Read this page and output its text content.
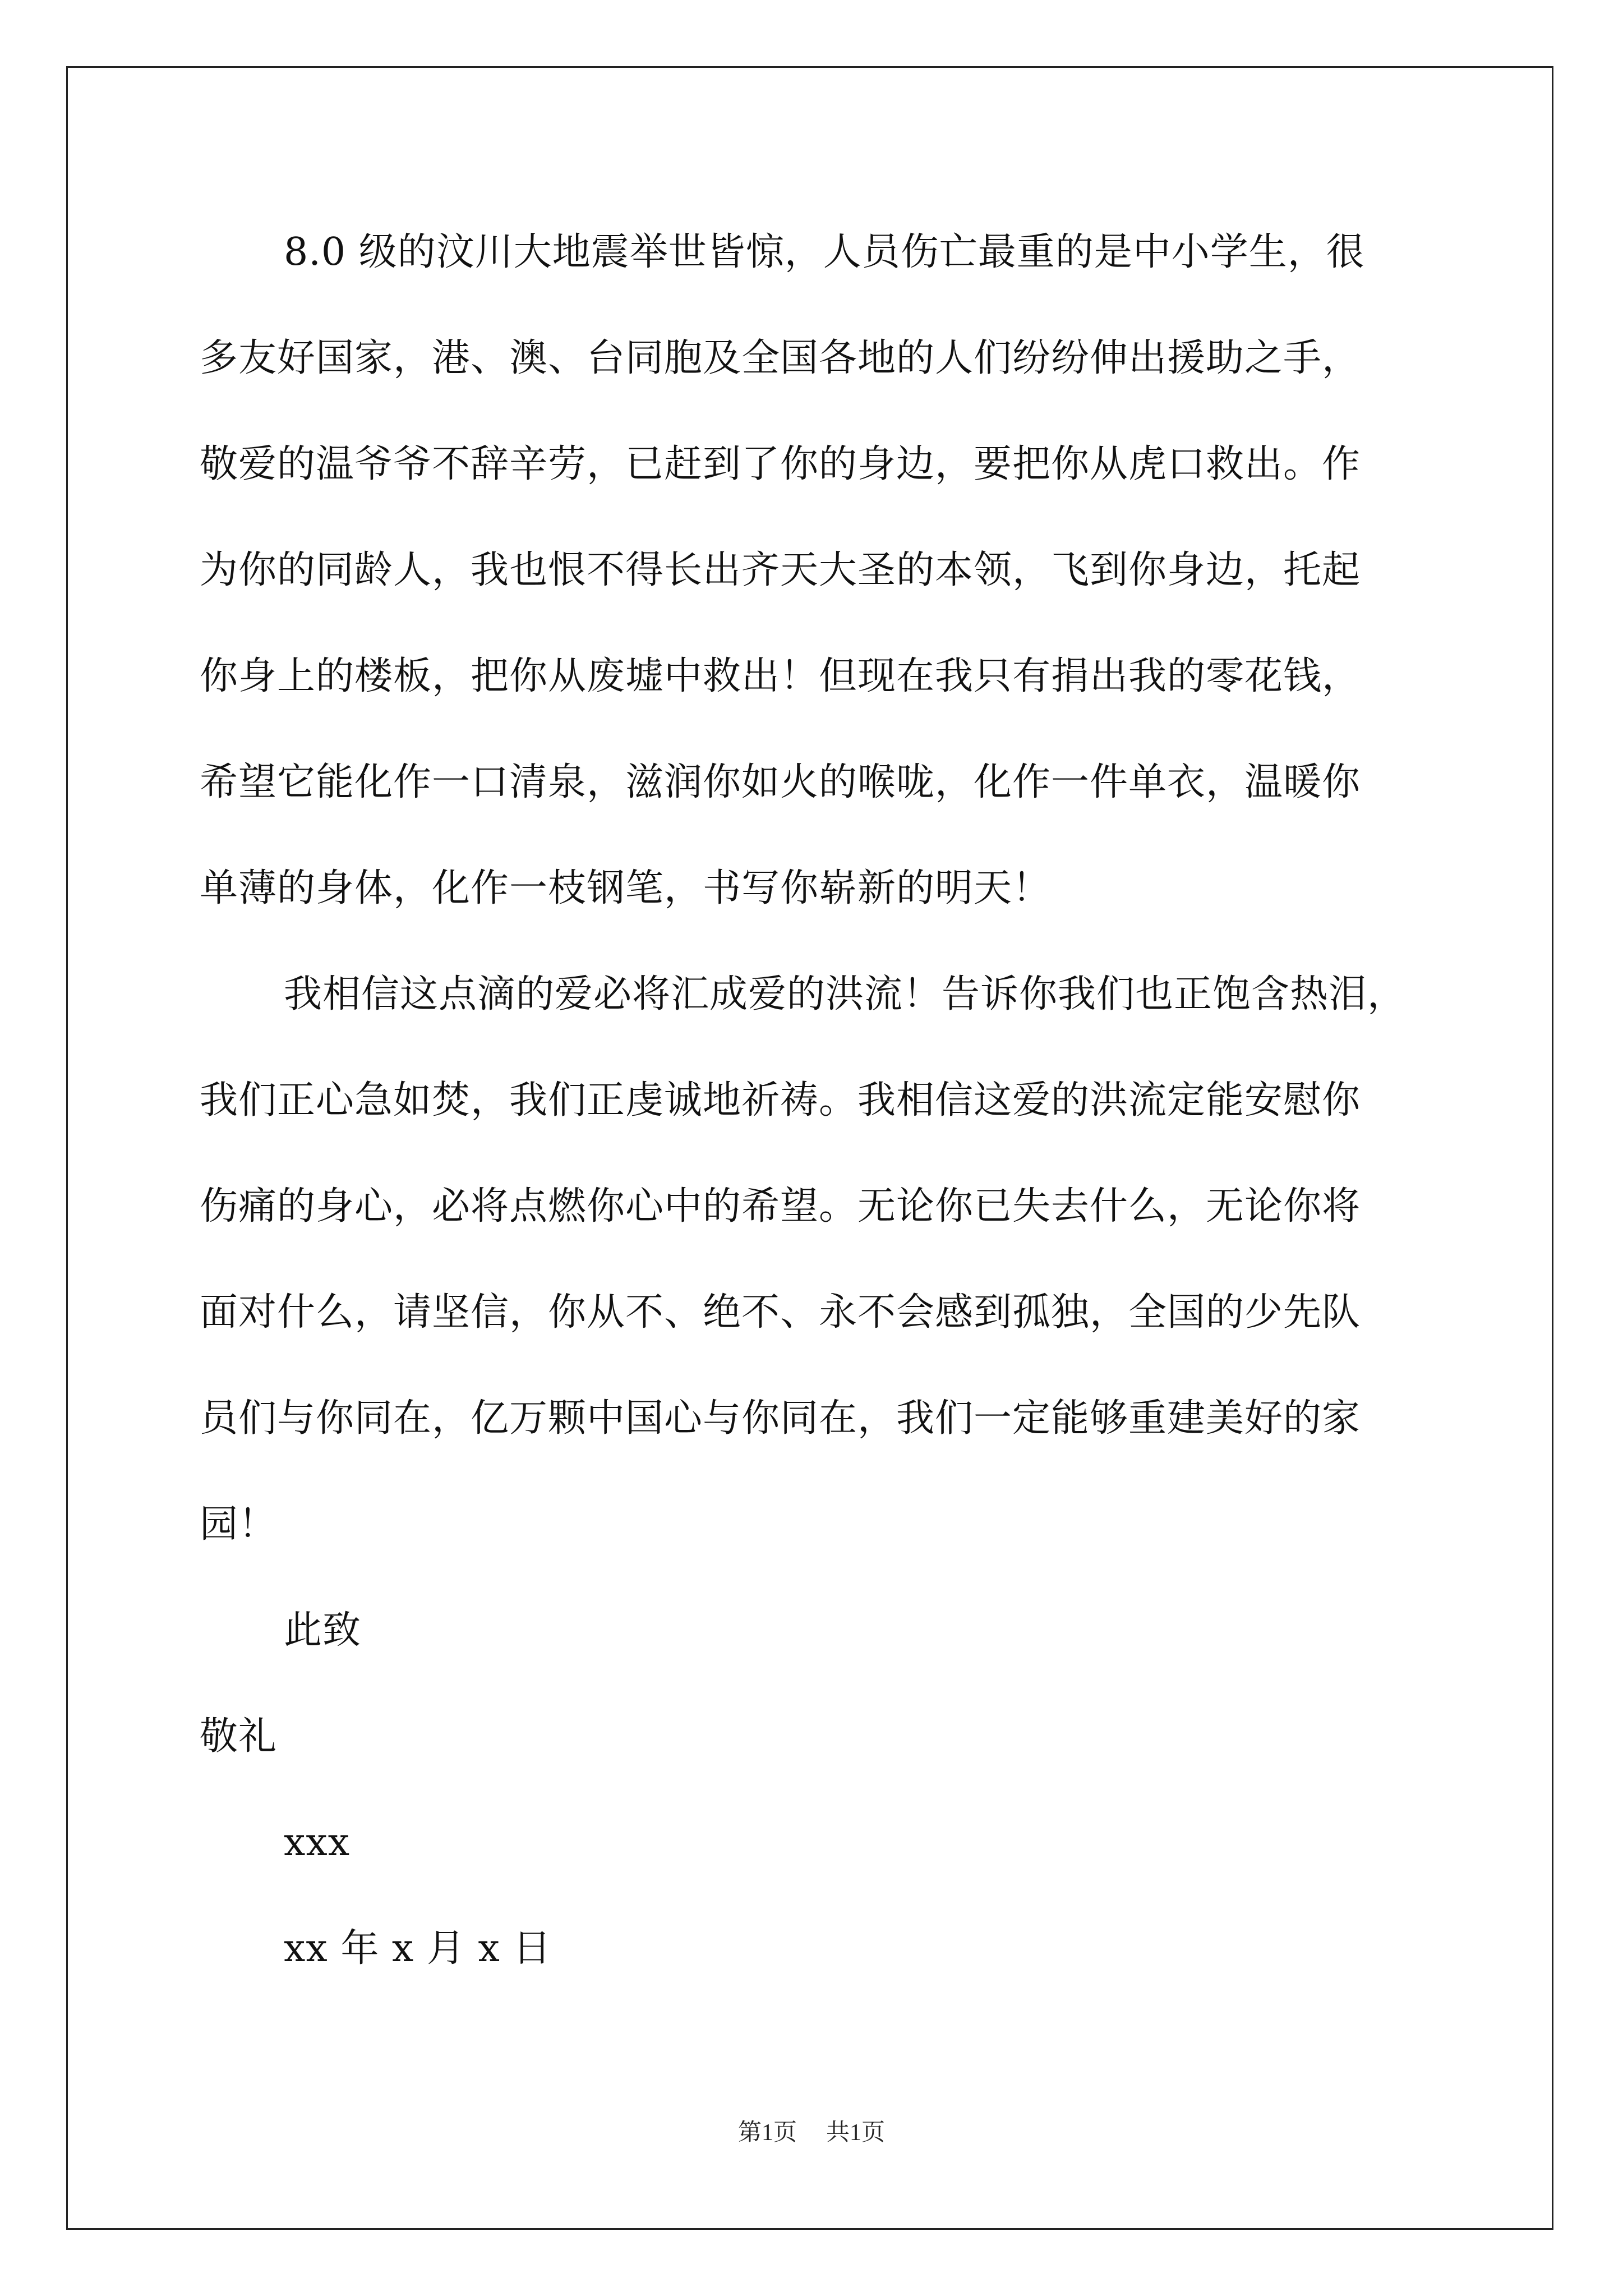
8.0 级的汶川大地震举世皆惊，人员伤亡最重的是中小学生，很
多友好国家，港、澳、台同胞及全国各地的人们纷纷伸出援助之手，
敬爱的温爷爷不辞辛劳，已赶到了你的身边，要把你从虎口救出。作
为你的同龄人，我也恨不得长出齐天大圣的本领，飞到你身边，托起
你身上的楼板，把你从废墟中救出！但现在我只有捐出我的零花钱，
希望它能化作一口清泉，滋润你如火的喉咙，化作一件单衣，温暖你
单薄的身体，化作一枝钢笔，书写你崭新的明天！
我相信这点滴的爱必将汇成爱的洪流！告诉你我们也正饱含热泪，
我们正心急如焚，我们正虔诚地祈祷。我相信这爱的洪流定能安慰你
伤痛的身心，必将点燃你心中的希望。无论你已失去什么，无论你将
面对什么，请坚信，你从不、绝不、永不会感到孤独，全国的少先队
员们与你同在，亿万颗中国心与你同在，我们一定能够重建美好的家
园！
此致
敬礼
xxx
xx 年 x 月 x 日
第1页 共1页
